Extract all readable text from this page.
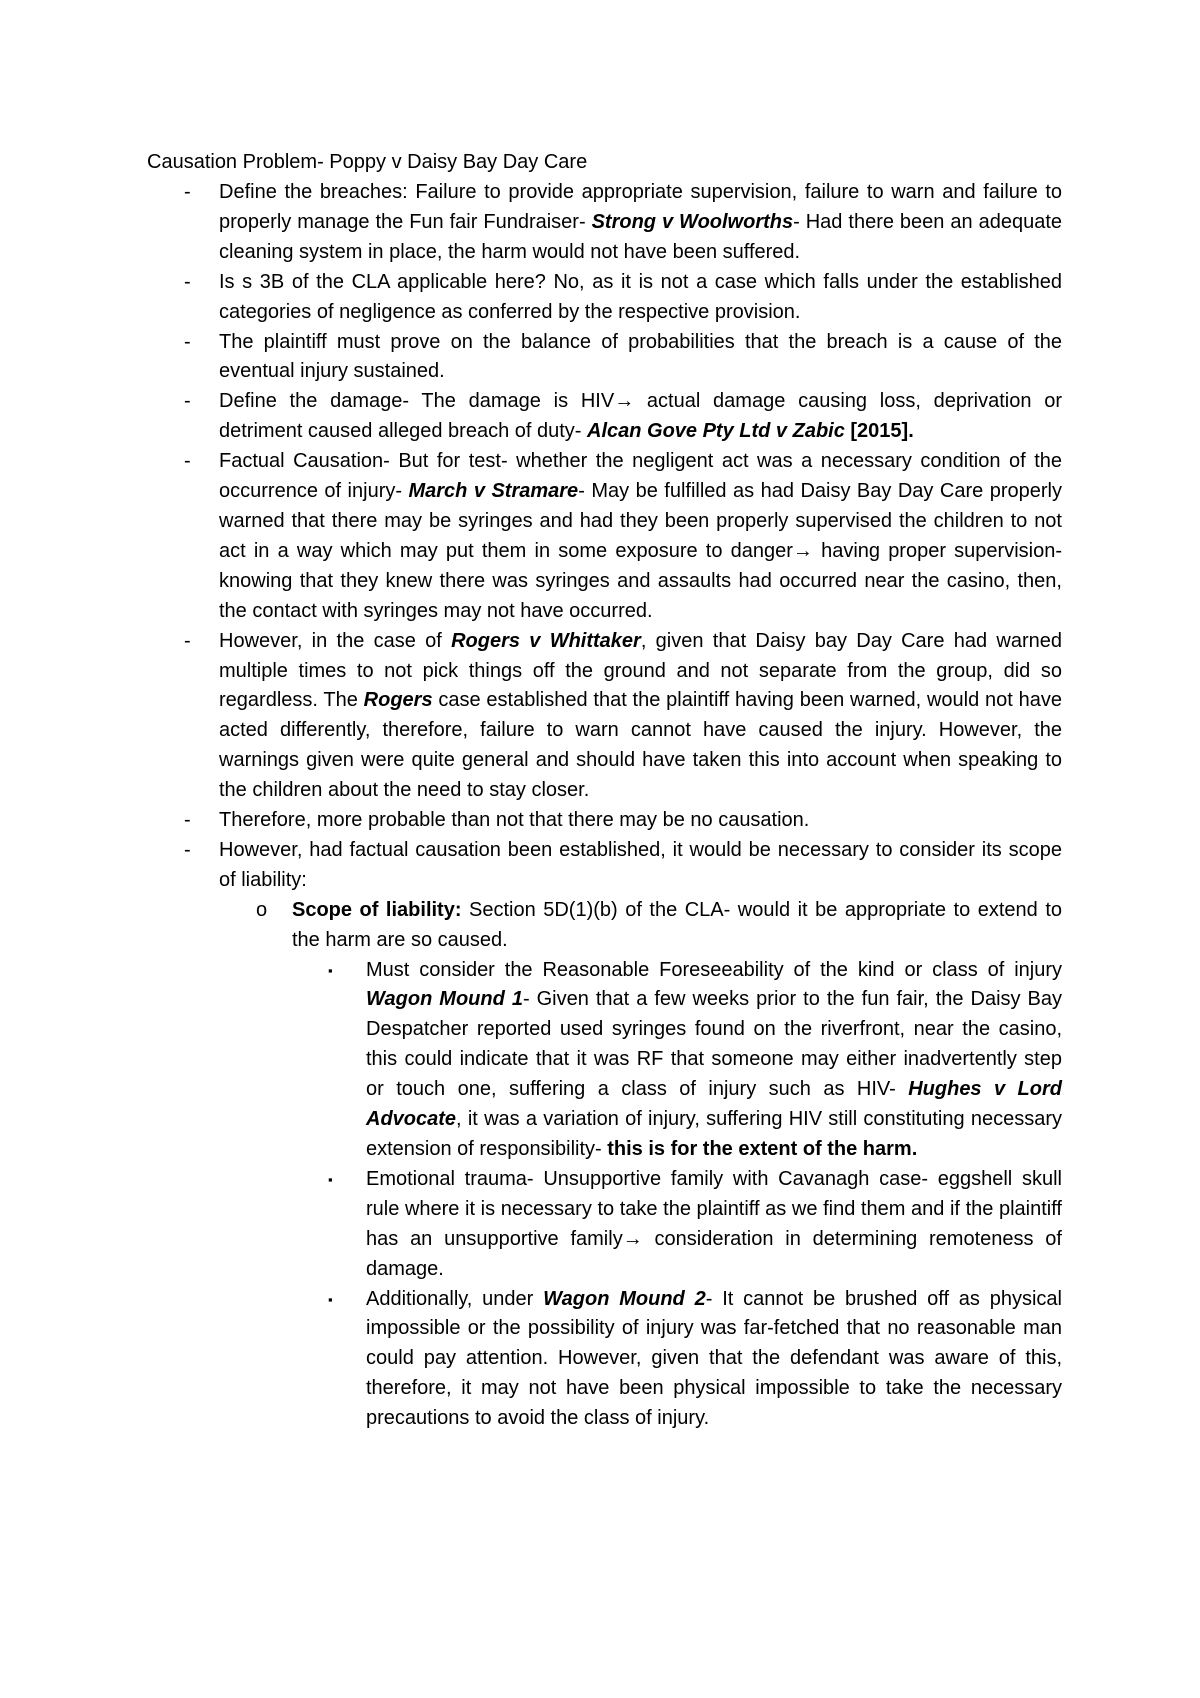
Causation Problem- Poppy v Daisy Bay Day Care
- Define the breaches: Failure to provide appropriate supervision, failure to warn and failure to properly manage the Fun fair Fundraiser- Strong v Woolworths- Had there been an adequate cleaning system in place, the harm would not have been suffered.
- Is s 3B of the CLA applicable here? No, as it is not a case which falls under the established categories of negligence as conferred by the respective provision.
- The plaintiff must prove on the balance of probabilities that the breach is a cause of the eventual injury sustained.
- Define the damage- The damage is HIV→ actual damage causing loss, deprivation or detriment caused alleged breach of duty- Alcan Gove Pty Ltd v Zabic [2015].
- Factual Causation- But for test- whether the negligent act was a necessary condition of the occurrence of injury- March v Stramare- May be fulfilled as had Daisy Bay Day Care properly warned that there may be syringes and had they been properly supervised the children to not act in a way which may put them in some exposure to danger→ having proper supervision- knowing that they knew there was syringes and assaults had occurred near the casino, then, the contact with syringes may not have occurred.
- However, in the case of Rogers v Whittaker, given that Daisy bay Day Care had warned multiple times to not pick things off the ground and not separate from the group, did so regardless. The Rogers case established that the plaintiff having been warned, would not have acted differently, therefore, failure to warn cannot have caused the injury. However, the warnings given were quite general and should have taken this into account when speaking to the children about the need to stay closer.
- Therefore, more probable than not that there may be no causation.
- However, had factual causation been established, it would be necessary to consider its scope of liability:
o Scope of liability: Section 5D(1)(b) of the CLA- would it be appropriate to extend to the harm are so caused.
▪ Must consider the Reasonable Foreseeability of the kind or class of injury Wagon Mound 1- Given that a few weeks prior to the fun fair, the Daisy Bay Despatcher reported used syringes found on the riverfront, near the casino, this could indicate that it was RF that someone may either inadvertently step or touch one, suffering a class of injury such as HIV- Hughes v Lord Advocate, it was a variation of injury, suffering HIV still constituting necessary extension of responsibility- this is for the extent of the harm.
▪ Emotional trauma- Unsupportive family with Cavanagh case- eggshell skull rule where it is necessary to take the plaintiff as we find them and if the plaintiff has an unsupportive family→ consideration in determining remoteness of damage.
▪ Additionally, under Wagon Mound 2- It cannot be brushed off as physical impossible or the possibility of injury was far-fetched that no reasonable man could pay attention. However, given that the defendant was aware of this, therefore, it may not have been physical impossible to take the necessary precautions to avoid the class of injury.
